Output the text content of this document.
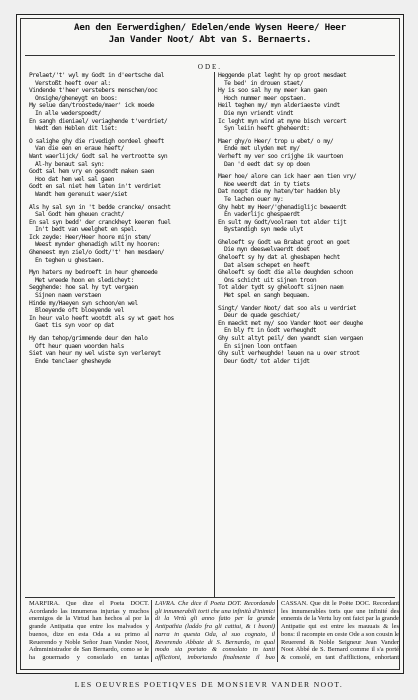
Aen den Eerwerdighen/ Edelen/ende Wysen Heere/ Heer
Jan Vander Noot/ Abt van S. Bernaerts.
ODE.
Prelaet/'t' wyl my Godt in d'eertsche dal
Verstoßt heeft over al:
Vindende t'heer verstebers menschen/ooc
Onsighe/gheneygt en boos:
My selue dan/troostede/maer' ick moede
In alle wederspoedt/
En sangh dieniael/ veriaghende t'verdriet/
Wedt den Heblen dit liet:
O salighe ghy die rivedigh oordeel gheeft
Van die een en eraue heeft/
Want waerlijck/ Godt sal he vertrootte syn
Al-hy benaut sal syn:
Godt sal hem vry en gesondt maken saen
Hoo dat hem wel sal gaen
Godt en sal niet hem laten in't verdriet
Wandt hem gerenuit waer/siet
Als hy sal syn in 't bedde crancke/ onsacht
Sal Godt hem gheuen cracht/
En sal syn bedd' der cranckheyt keeren fuel
In't bedt van weelghet en spel.
Ick zeyde: Heer/Heer hoore mijn stem/
Weest mynder ghenadigh wilt my hooren:
Gheneest myn ziel/o Godt/'t' hen mesdaen/
En teghen u ghestaen.
Myn haters my bedroeft in heur ghemoede
Met wreede hoon en sledicheyt:
Segghende: hoe sal hy tyt vergaen
Sijnen naem verstaen
Hinde my/Haeyen syn schoon/en wel
Bloeyende oft bloeyende vel
In heur valo heeft wootdt als sy wt gaet hos
Gaet tis syn voor op dat
Hy dan tehop/grimmende deur den halo
Oft heur quaen woorden hals
Siet van heur my wel wiste syn verlereyt
Ende tenclaer ghesheyde
Heggende plat leght hy op groot mesdaet
Te bed' in drouen staet/
Hy is soo sal hy my meer kan gaen
Hoch nummer meer opstaen.
Heil teghen my/ myn alderiaeste vindt
Die myn vriendt vindt
Ic leght myn wind at myne bisch vercert
Syn leiin heeft gheheerdt:
Maer ghy/o Heer/ trop u ebet/ o my/
Ende met ulyden met my/
Verheft my ver soo crijghe ik vaurtoen
Dan 'd eedt dat sy op doen
Maer hoe/ alore can ick haer aen tien vry/
Noe weerdt dat in ty tiets
Dat noopt die my haten/ter hadden bly
Te lachen ouer my:
Ghy hebt my Heer/'ghenadiglijc bewaerdt
En vaderlijc ghespaerdt
En sult my Godt/voolraen tot alder tijt
Bystandigh syn mede ulyt
Gheloeft sy Godt wa Brabat groot en goet
Die myn deeswelvaerdt doet
Gheloeft sy hy dat al ghesbapen hecht
Dat alsem schepet en heeft
Gheloeft sy Godt die alle deughden schoon
Ons schicht uit sijnen troon
Tot alder tydt sy ghelooft sijnen naem
Met spel en sangh bequaem.
Singt/ Vander Noot/ dat soo als u verdriet
Deur de quade geschiet/
En maeckt met my/ soo Vander Noot eer deughe
En bly ft in Godt verheughdt
Ghy sult altyt peil/ den ywandt sien vergaen
En sijnen loon ontfaen
Ghy sult verheughde! leuen na u over stroot
Deur Godt/ tot alder tijdt

MARFIRA. Que dize el Poeta DOCT. Acordando las innumeras injurias y muchos enemigos de la Virtud han hechos al por la grande Antipatia que entre los malvados y buenos, dize en esta Oda a su primo al Reuerendo y Noble Señor Juan Vander Noot, Admministrador de San Bernardo, como se le ha gouernado y consolado en tantas

LAVRA. Che dice il Poeta DOT. Recordando gli innumerabili torti che una infinità d'inimici di la Virtù gli anno fatto per la grande Antipathia (laddo fra gli cattiui, & i buoni) narra in questa Oda, al suo cognato, il Reverendo Abbate di S. Bernardo, in qual modo sia portato & consolato in tanti afflictioni, imbortando finalmente il buo

CASSAN. Que dit le Poëte DOC. Recordant les innumerables torts que une infinité des ennemis de la Vertu luy ont faict par la grande Antipatie qui est entre les mauuais & les bons: il racompte en ceste Ode a son cousin le Reuerend & Noble Seigneur Jean Vander Noot Abbé de S. Bernard comme il s'a porté & consolé, en tant d'afflictions, enhortant

LES OEUVRES POETIQVES DE MONSIEVR VANDER NOOT.
